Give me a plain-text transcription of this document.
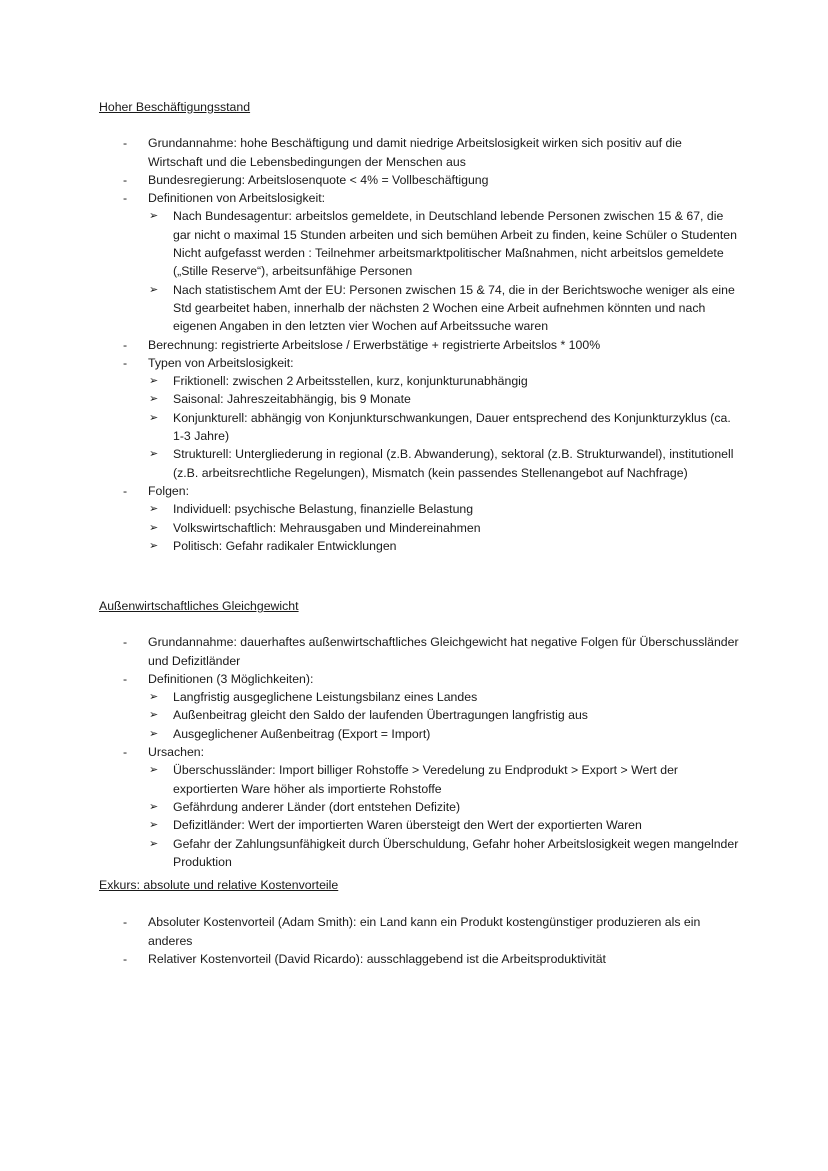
Hoher Beschäftigungsstand
- Grundannahme: hohe Beschäftigung und damit niedrige Arbeitslosigkeit wirken sich positiv auf die Wirtschaft und die Lebensbedingungen der Menschen aus
- Bundesregierung: Arbeitslosenquote < 4% = Vollbeschäftigung
- Definitionen von Arbeitslosigkeit:
➢ Nach Bundesagentur: arbeitslos gemeldete, in Deutschland lebende Personen zwischen 15 & 67, die gar nicht o maximal 15 Stunden arbeiten und sich bemühen Arbeit zu finden, keine Schüler o Studenten
Nicht aufgefasst werden : Teilnehmer arbeitsmarktpolitischer Maßnahmen, nicht arbeitslos gemeldete („Stille Reserve“), arbeitsunfähige Personen
➢ Nach statistischem Amt der EU: Personen zwischen 15 & 74, die in der Berichtswoche weniger als eine Std gearbeitet haben, innerhalb der nächsten 2 Wochen eine Arbeit aufnehmen könnten und nach eigenen Angaben in den letzten vier Wochen auf Arbeitssuche waren
- Berechnung: registrierte Arbeitslose / Erwerbstätige + registrierte Arbeitslos * 100%
- Typen von Arbeitslosigkeit:
➢ Friktionell: zwischen 2 Arbeitsstellen, kurz, konjunkturunabhängig
➢ Saisonal: Jahreszeitabhängig, bis 9 Monate
➢ Konjunkturell: abhängig von Konjunkturschwankungen, Dauer entsprechend des Konjunkturzyklus (ca. 1-3 Jahre)
➢ Strukturell: Untergliederung in regional (z.B. Abwanderung), sektoral (z.B. Strukturwandel), institutionell (z.B. arbeitsrechtliche Regelungen), Mismatch (kein passendes Stellenangebot auf Nachfrage)
- Folgen:
➢ Individuell: psychische Belastung, finanzielle Belastung
➢ Volkswirtschaftlich: Mehrausgaben und Mindereinahmen
➢ Politisch: Gefahr radikaler Entwicklungen
Außenwirtschaftliches Gleichgewicht
- Grundannahme: dauerhaftes außenwirtschaftliches Gleichgewicht hat negative Folgen für Überschussländer und Defizitländer
- Definitionen (3 Möglichkeiten):
➢ Langfristig ausgeglichene Leistungsbilanz eines Landes
➢ Außenbeitrag gleicht den Saldo der laufenden Übertragungen langfristig aus
➢ Ausgeglichener Außenbeitrag (Export = Import)
- Ursachen:
➢ Überschussländer: Import billiger Rohstoffe > Veredelung zu Endprodukt > Export > Wert der exportierten Ware höher als importierte Rohstoffe
➢ Gefährdung anderer Länder (dort entstehen Defizite)
➢ Defizitländer: Wert der importierten Waren übersteigt den Wert der exportierten Waren
➢ Gefahr der Zahlungsunfähigkeit durch Überschuldung, Gefahr hoher Arbeitslosigkeit wegen mangelnder Produktion
Exkurs: absolute und relative Kostenvorteile
- Absoluter Kostenvorteil (Adam Smith): ein Land kann ein Produkt kostengünstiger produzieren als ein anderes
- Relativer Kostenvorteil (David Ricardo): ausschlaggebend ist die Arbeitsproduktivität
